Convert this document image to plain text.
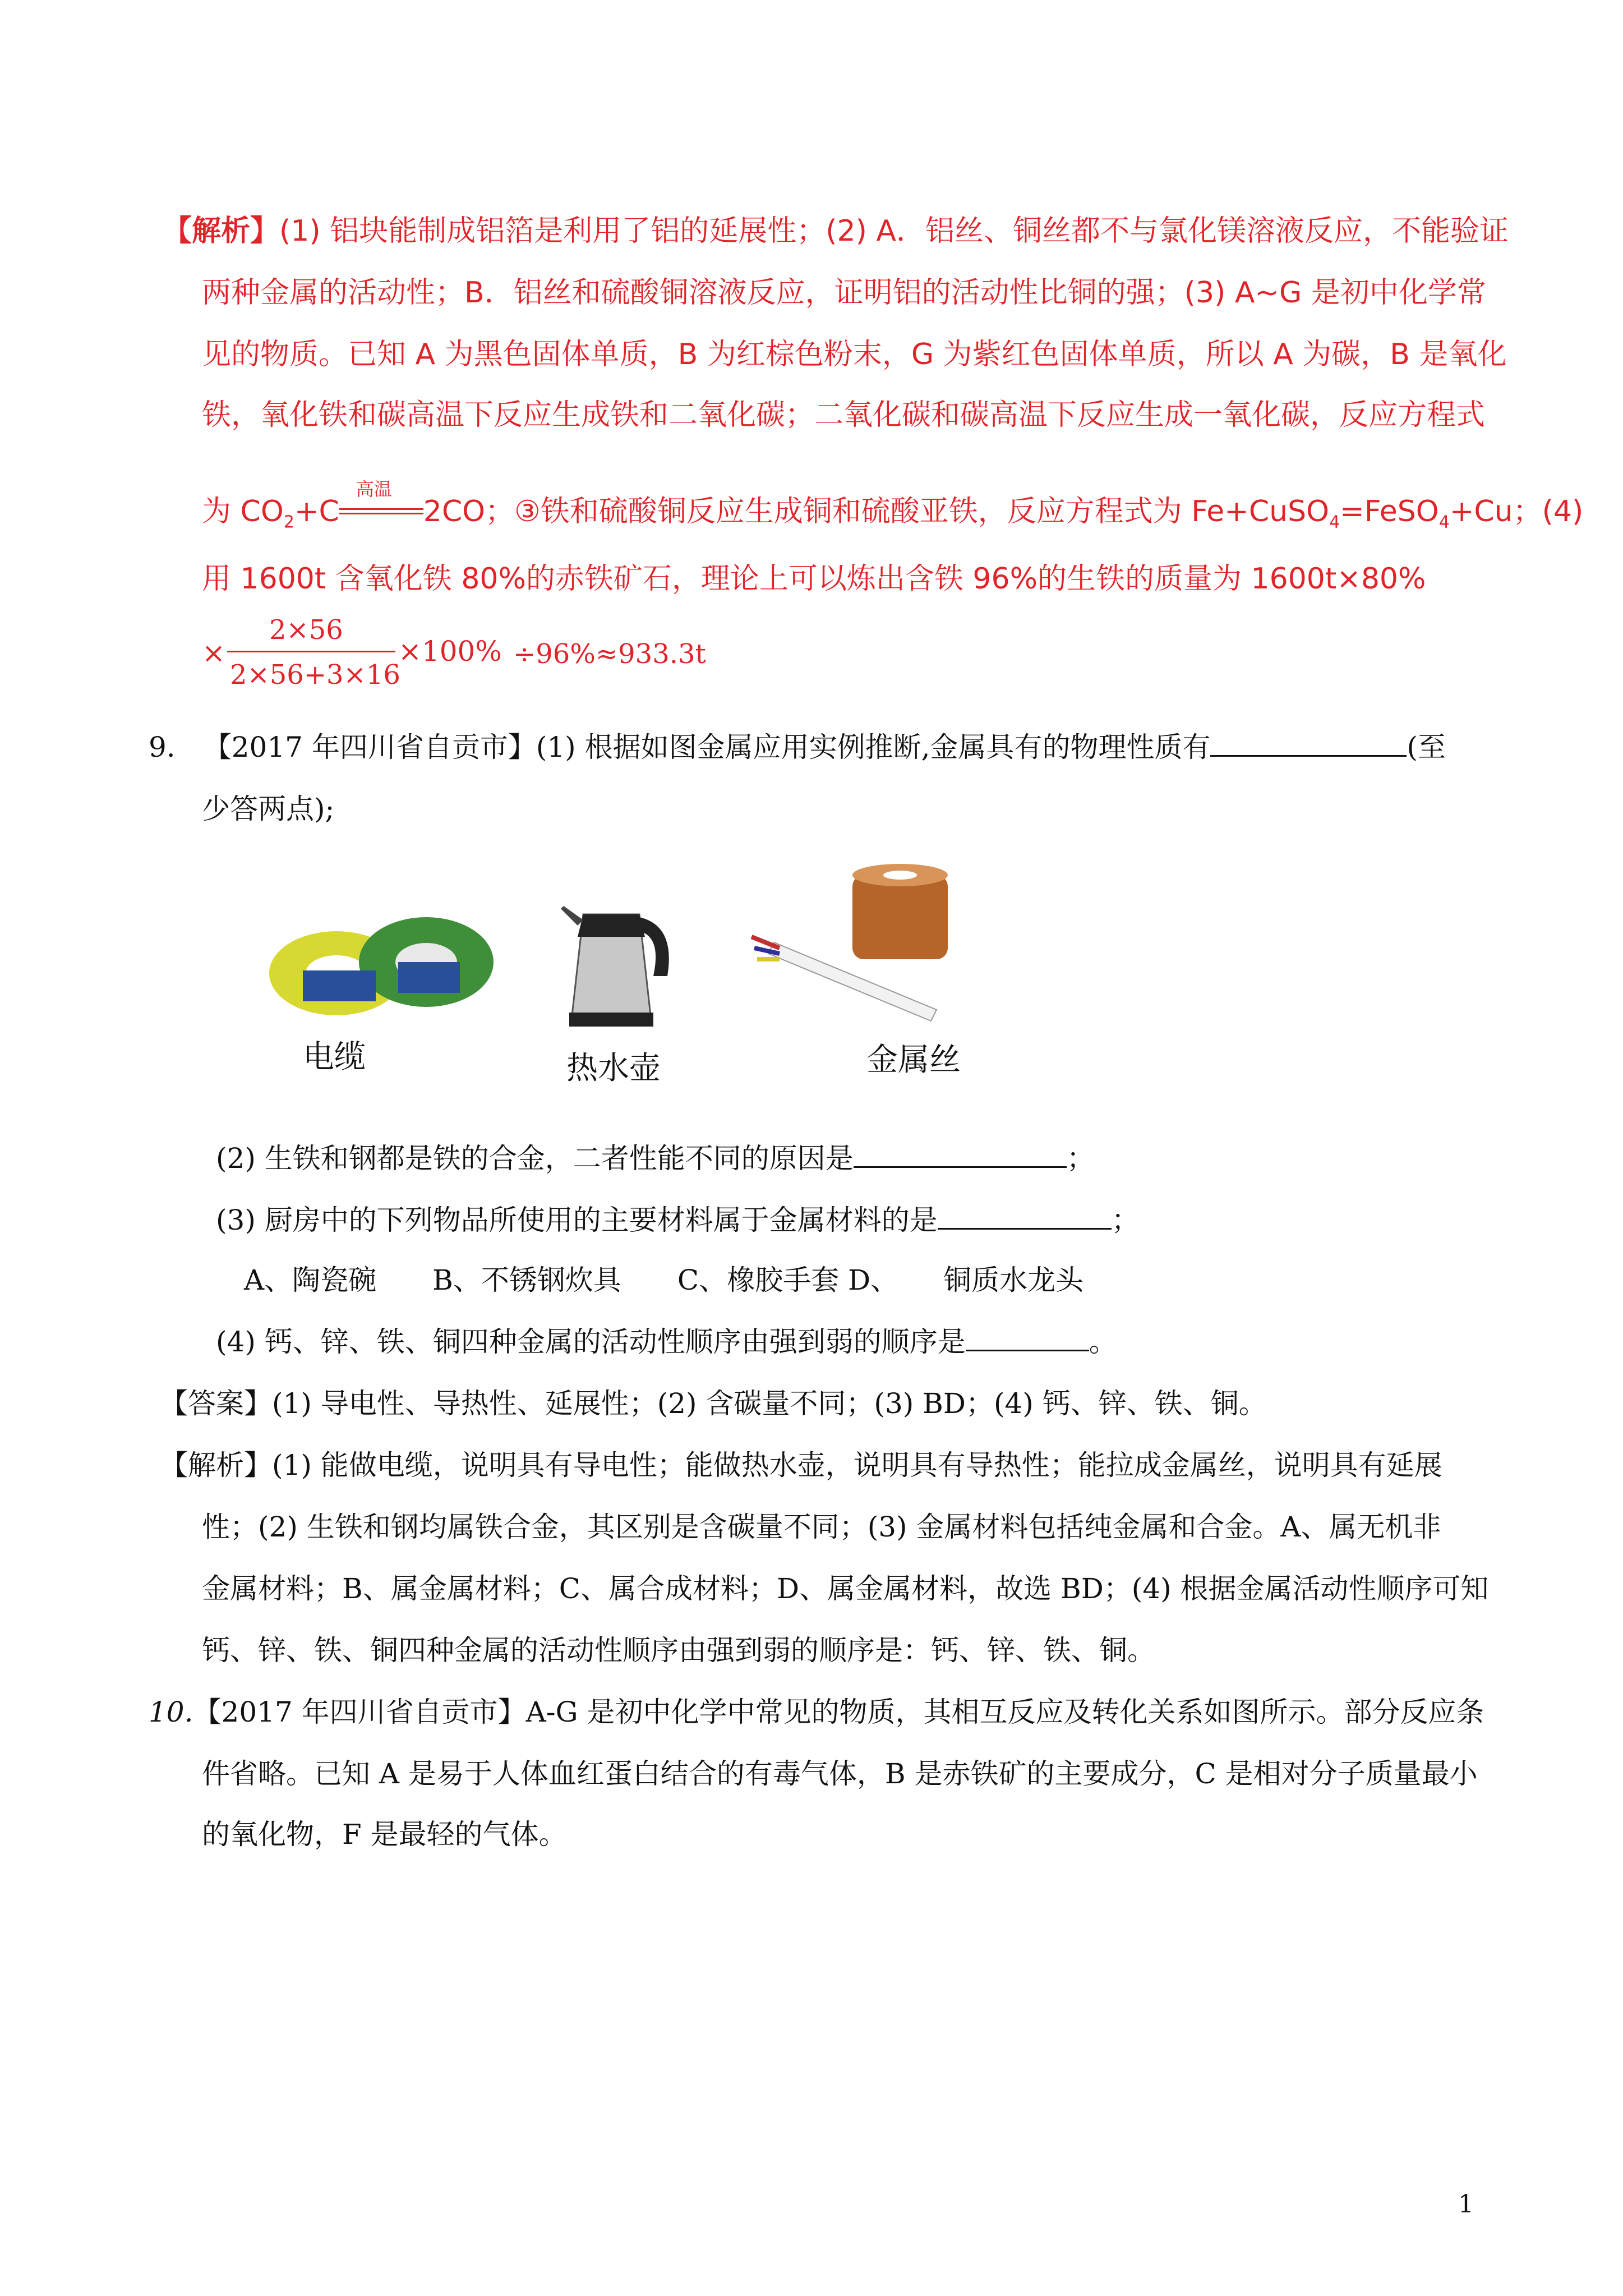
【解析】(1) 铝块能制成铝箔是利用了铝的延展性；(2) A．铝丝、铜丝都不与氯化镁溶液反应，不能验证
两种金属的活动性；B．铝丝和硫酸铜溶液反应，证明铝的活动性比铜的强；(3) A~G 是初中化学常
见的物质。已知 A 为黑色固体单质，B 为红棕色粉末，G 为紫红色固体单质，所以 A 为碳，B 是氧化
铁，氧化铁和碳高温下反应生成铁和二氧化碳；二氧化碳和碳高温下反应生成一氧化碳，反应方程式
为 $CO_2+C$
高温
2CO；③铁和硫酸铜反应生成铜和硫酸亚铁，反应方程式为 Fe+CuSO$_4$=FeSO$_4$+Cu；(4)
用 1600t 含氧化铁 80%的赤铁矿石，理论上可以炼出含铁 96%的生铁的质量为 1600t×80%
×
2×56
2×56+3×16
×100% ÷96%≈933.3t
9. 【2017 年四川省自贡市】(1) 根据如图金属应用实例推断,金属具有的物理性质有	(至
少答两点);
电缆	热水壶	金属丝
(2) 生铁和钢都是铁的合金，二者性能不同的原因是	；
(3) 厨房中的下列物品所使用的主要材料属于金属材料的是	；
A、陶瓷碗 B、不锈钢炊具 C、橡胶手套 D、 铜质水龙头
(4) 钙、锌、铁、铜四种金属的活动性顺序由强到弱的顺序是	。
【答案】(1) 导电性、导热性、延展性；(2) 含碳量不同；(3) BD；(4) 钙、锌、铁、铜。
【解析】(1) 能做电缆，说明具有导电性；能做热水壶，说明具有导热性；能拉成金属丝，说明具有延展
性；(2) 生铁和钢均属铁合金，其区别是含碳量不同；(3) 金属材料包括纯金属和合金。A、属无机非
金属材料；B、属金属材料；C、属合成材料；D、属金属材料，故选 BD；(4) 根据金属活动性顺序可知
钙、锌、铁、铜四种金属的活动性顺序由强到弱的顺序是：钙、锌、铁、铜。
10.【2017 年四川省自贡市】A-G 是初中化学中常见的物质，其相互反应及转化关系如图所示。部分反应条
件省略。已知 A 是易于人体血红蛋白结合的有毒气体，B 是赤铁矿的主要成分，C 是相对分子质量最小
的氧化物，F 是最轻的气体。
1
